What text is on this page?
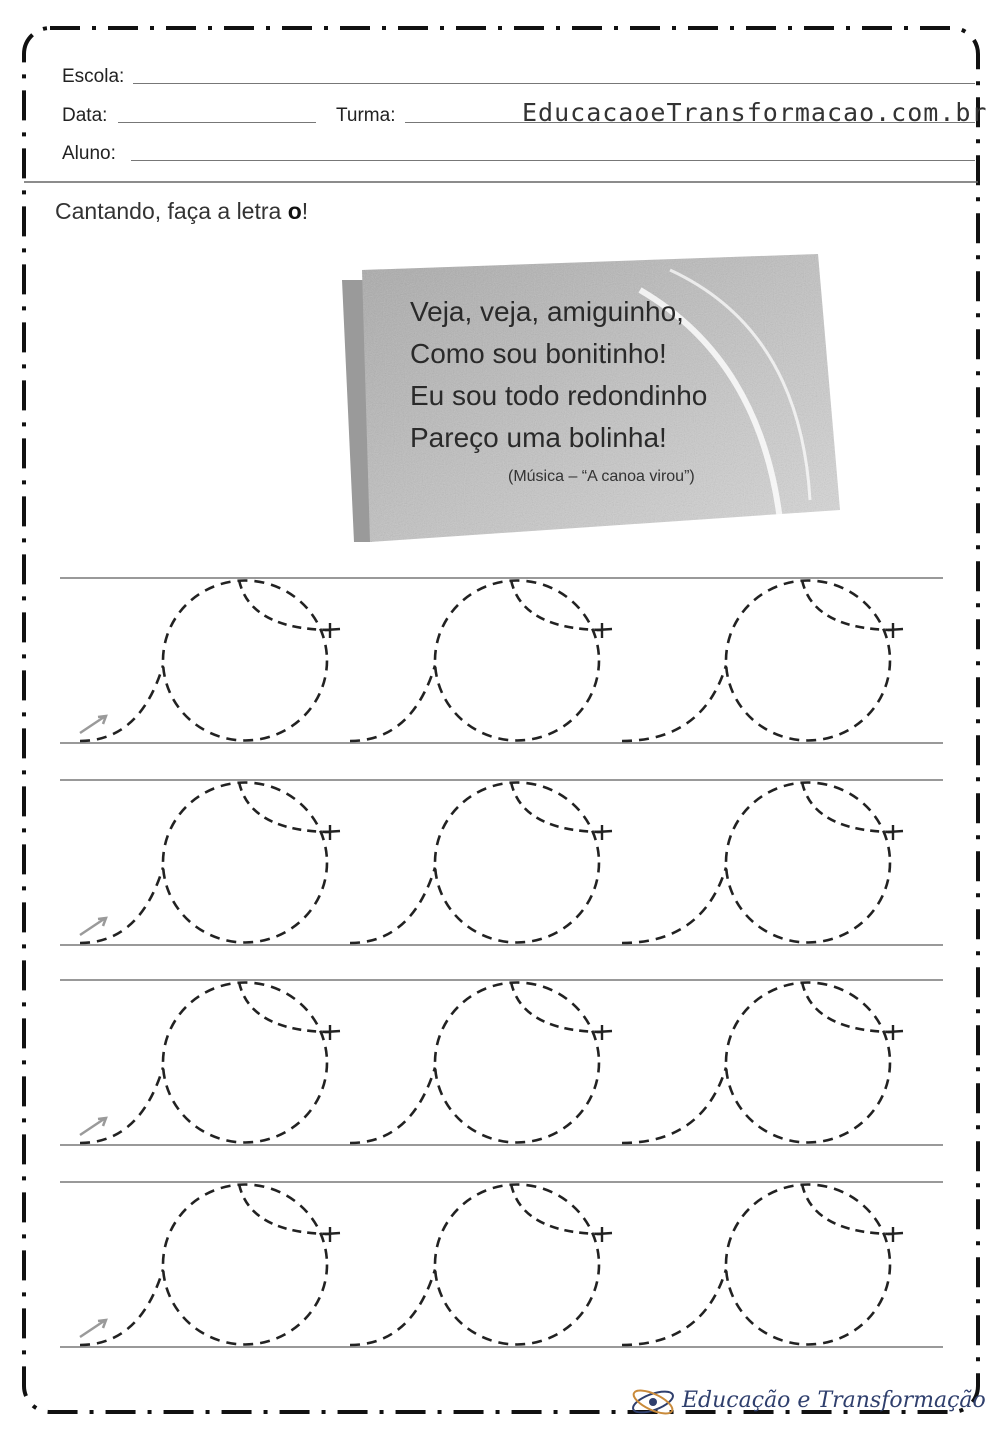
Escola:
Data:	Turma:	EducacaoeTransformacao.com.br
Aluno:
Cantando, faça a letra o!
Veja, veja, amiguinho,
Como sou bonitinho!
Eu sou todo redondinho
Pareço uma bolinha!
(Música – “A canoa virou”)
Educação e Transformação
